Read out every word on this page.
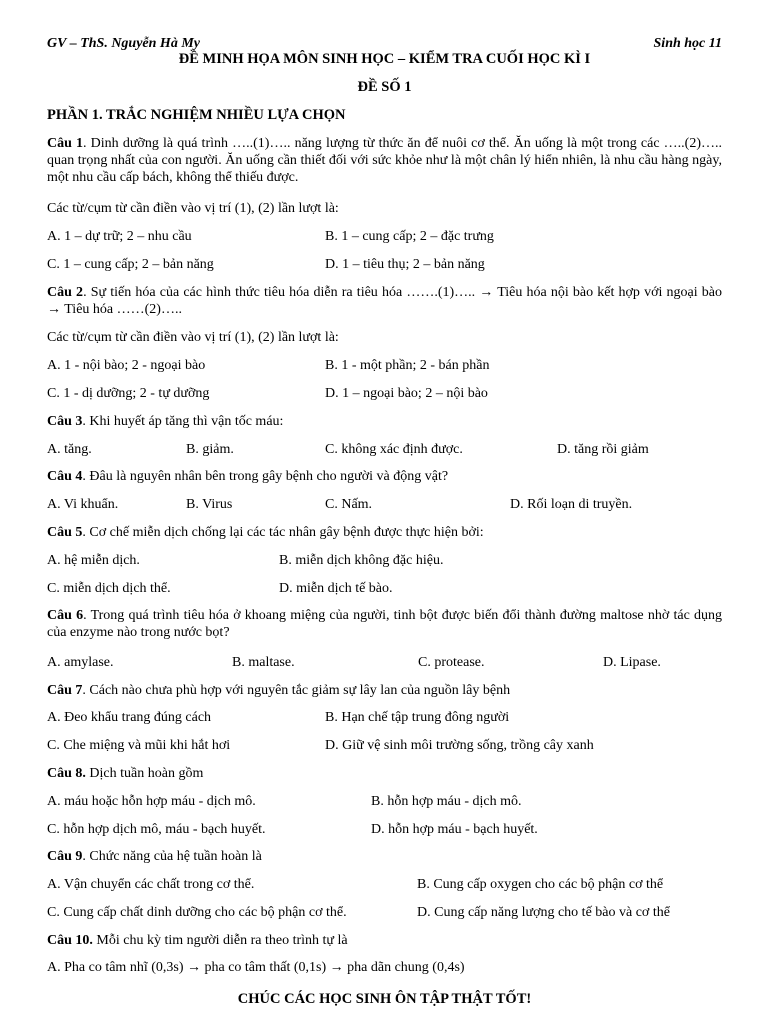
GV – ThS. Nguyễn Hà My	Sinh học 11
ĐỀ MINH HỌA MÔN SINH HỌC – KIỂM TRA CUỐI HỌC KÌ I
ĐỀ SỐ 1
PHẦN 1. TRẮC NGHIỆM NHIỀU LỰA CHỌN
Câu 1. Dinh dưỡng là quá trình …..(1)….. năng lượng từ thức ăn để nuôi cơ thể. Ăn uống là một trong các …..(2)….. quan trọng nhất của con người. Ăn uống cần thiết đối với sức khỏe như là một chân lý hiển nhiên, là nhu cầu hàng ngày, một nhu cầu cấp bách, không thể thiếu được.
Các từ/cụm từ cần điền vào vị trí (1), (2) lần lượt là:
A. 1 – dự trữ; 2 – nhu cầu	B. 1 – cung cấp; 2 – đặc trưng
C. 1 – cung cấp; 2 – bản năng	D. 1 – tiêu thụ; 2 – bản năng
Câu 2. Sự tiến hóa của các hình thức tiêu hóa diễn ra tiêu hóa …….(1)….. → Tiêu hóa nội bào kết hợp với ngoại bào → Tiêu hóa ……(2)…..
Các từ/cụm từ cần điền vào vị trí (1), (2) lần lượt là:
A. 1 - nội bào; 2 - ngoại bào	B. 1 - một phần; 2 - bán phần
C. 1 - dị dưỡng; 2 - tự dưỡng	D. 1 – ngoại bào; 2 – nội bào
Câu 3. Khi huyết áp tăng thì vận tốc máu:
A. tăng.	B. giảm.	C. không xác định được.	D. tăng rồi giảm
Câu 4. Đâu là nguyên nhân bên trong gây bệnh cho người và động vật?
A. Vi khuẩn.	B. Virus	C. Nấm.	D. Rối loạn di truyền.
Câu 5. Cơ chế miễn dịch chống lại các tác nhân gây bệnh được thực hiện bởi:
A. hệ miễn dịch.	B. miễn dịch không đặc hiệu.
C. miễn dịch dịch thể.	D. miễn dịch tế bào.
Câu 6. Trong quá trình tiêu hóa ở khoang miệng của người, tinh bột được biến đổi thành đường maltose nhờ tác dụng của enzyme nào trong nước bọt?
A. amylase.	B. maltase.	C. protease.	D. Lipase.
Câu 7. Cách nào chưa phù hợp với nguyên tắc giảm sự lây lan của nguồn lây bệnh
A. Đeo khẩu trang đúng cách	B. Hạn chế tập trung đông người
C. Che miệng và mũi khi hắt hơi	D. Giữ vệ sinh môi trường sống, trồng cây xanh
Câu 8. Dịch tuần hoàn gồm
A. máu hoặc hỗn hợp máu - dịch mô.	B. hỗn hợp máu - dịch mô.
C. hỗn hợp dịch mô, máu - bạch huyết.	D. hỗn hợp máu - bạch huyết.
Câu 9. Chức năng của hệ tuần hoàn là
A. Vận chuyển các chất trong cơ thể.	B. Cung cấp oxygen cho các bộ phận cơ thể
C. Cung cấp chất dinh dưỡng cho các bộ phận cơ thể.	D. Cung cấp năng lượng cho tế bào và cơ thể
Câu 10. Mỗi chu kỳ tim người diễn ra theo trình tự là
A. Pha co tâm nhĩ (0,3s) → pha co tâm thất (0,1s) → pha dãn chung (0,4s)
CHÚC CÁC HỌC SINH ÔN TẬP THẬT TỐT!
